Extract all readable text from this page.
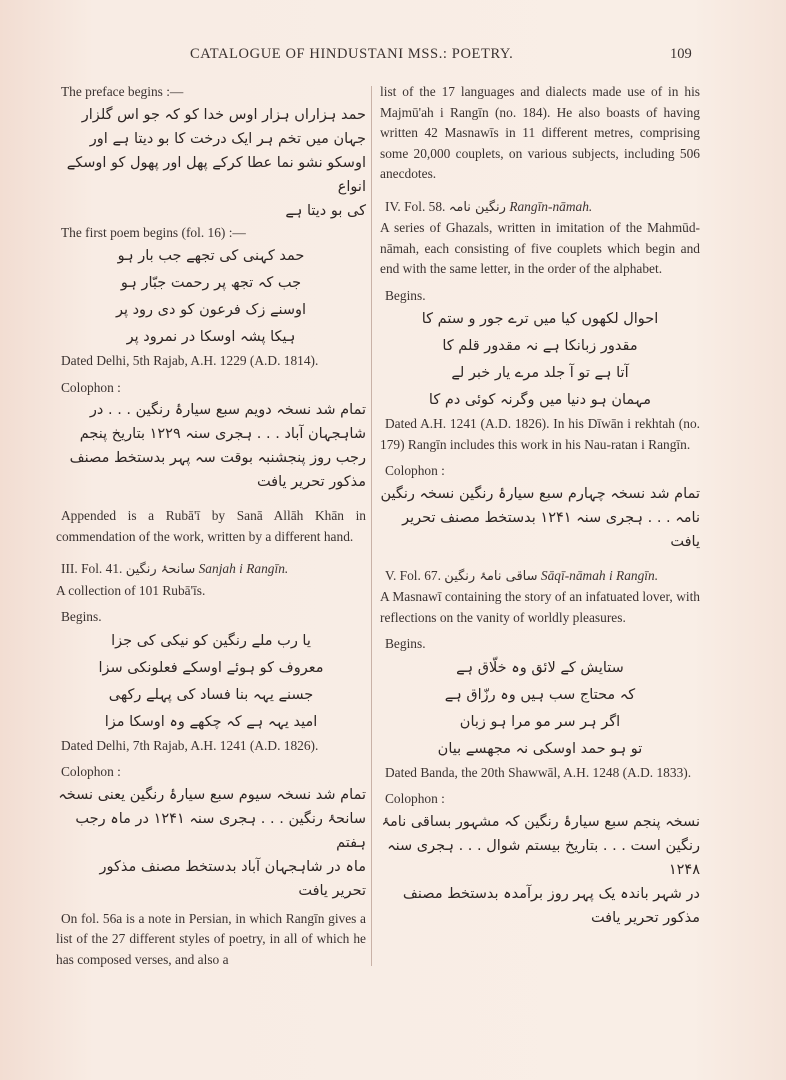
CATALOGUE OF HINDUSTANI MSS.: POETRY.	109

The preface begins :—

حمد ہزاراں ہزار اوس خدا کو کہ جو اس گلزار
جہان میں تخم ہر ایک درخت کا بو دیتا ہے اور
اوسکو نشو نما عطا کرکے پھل اور پھول کو اوسکے انواع
کی بو دیتا ہے

The first poem begins (fol. 16) :—

حمد کہنی کی تجھے جب بار ہو
جب کہ تجھ پر رحمت جبّار ہو
اوسنے زک فرعون کو دی رود پر
ہیکا پشہ اوسکا در نمرود پر

Dated Delhi, 5th Rajab, A.H. 1229 (A.D. 1814).

Colophon :

تمام شد نسخہ دویم سبع سیارۂ رنگین . . . در
شاہجہان آباد . . . ہجری سنہ ۱۲۲۹ بتاریخ پنجم
رجب روز پنجشنبہ بوقت سہ پہر بدستخط مصنف
مذکور تحریر یافت

Appended is a Rubā'ī by Sanā Allāh Khān in commendation of the work, written by a different hand.

III. Fol. 41. سانحۂ رنگین Sanjah i Rangīn.

A collection of 101 Rubā'īs.

Begins.

یا رب ملے رنگین کو نیکی کی جزا
معروف کو ہوئے اوسکے فعلونکی سزا
جسنے یہہ بنا فساد کی پہلے رکھی
امید یہہ ہے کہ چکھے وہ اوسکا مزا

Dated Delhi, 7th Rajab, A.H. 1241 (A.D. 1826).

Colophon :

تمام شد نسخہ سیوم سبع سیارۂ رنگین یعنی نسخہ
سانحۂ رنگین . . . ہجری سنہ ۱۲۴۱ در ماہ رجب ہفتم
ماہ در شاہجہان آباد بدستخط مصنف مذکور
تحریر یافت

On fol. 56a is a note in Persian, in which Rangīn gives a list of the 27 different styles of poetry, in all of which he has composed verses, and also a

list of the 17 languages and dialects made use of in his Majmū'ah i Rangīn (no. 184). He also boasts of having written 42 Masnawīs in 11 different metres, comprising some 20,000 couplets, on various subjects, including 506 anecdotes.

IV. Fol. 58. رنگین نامہ Rangīn-nāmah.

A series of Ghazals, written in imitation of the Mahmūd-nāmah, each consisting of five couplets which begin and end with the same letter, in the order of the alphabet.

Begins.

احوال لکھوں کیا میں ترے جور و ستم کا
مقدور زبانکا ہے نہ مقدور قلم کا
آتا ہے تو آ جلد مرے یار خبر لے
مہمان ہو دنیا میں وگرنہ کوئی دم کا

Dated A.H. 1241 (A.D. 1826). In his Dīwān i rekhtah (no. 179) Rangīn includes this work in his Nau-ratan i Rangīn.

Colophon :

تمام شد نسخہ چہارم سبع سیارۂ رنگین نسخہ رنگین
نامہ . . . ہجری سنہ ۱۲۴۱ بدستخط مصنف تحریر یافت

V. Fol. 67. ساقی نامۂ رنگین Sāqī-nāmah i Rangīn.

A Masnawī containing the story of an infatuated lover, with reflections on the vanity of worldly pleasures.

Begins.

ستایش کے لائق وہ خلّاق ہے
کہ محتاج سب ہیں وہ رزّاق ہے
اگر ہر سر مو مرا ہو زبان
تو ہو حمد اوسکی نہ مجھسے بیان

Dated Banda, the 20th Shawwāl, A.H. 1248 (A.D. 1833).

Colophon :

نسخہ پنجم سبع سیارۂ رنگین کہ مشہور بساقی نامۂ
رنگین است . . . بتاریخ بیستم شوال . . . ہجری سنہ ۱۲۴۸
در شہر باندہ یک پہر روز برآمدہ بدستخط مصنف
مذکور تحریر یافت
